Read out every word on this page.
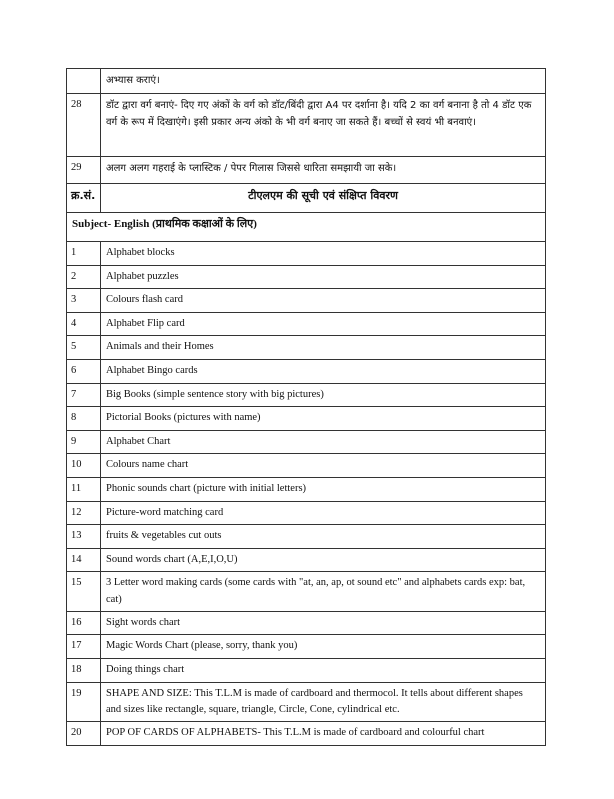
	अभ्यास कराएं।
28	डॉट द्वारा वर्ग बनाएं- दिए गए अंकों के वर्ग को डॉट/बिंदी द्वारा A4 पर दर्शाना है। यदि 2 का वर्ग बनाना है तो 4 डॉट एक वर्ग के रूप में दिखाएंगे। इसी प्रकार अन्य अंको के भी वर्ग बनाए जा सकते हैं। बच्चों से स्वयं भी बनवाएं।
29	अलग अलग गहराई के प्लास्टिक / पेपर गिलास जिससे धारिता समझायी जा सके।
क्र.सं.	टीएलएम की सूची एवं संक्षिप्त विवरण
Subject- English (प्राथमिक कक्षाओं के लिए)	
1	Alphabet blocks
2	Alphabet puzzles
3	Colours flash card
4	Alphabet Flip card
5	Animals and their Homes
6	Alphabet Bingo cards
7	Big Books (simple sentence story with big pictures)
8	Pictorial Books (pictures with name)
9	Alphabet Chart
10	Colours name chart
11	Phonic sounds chart (picture with initial letters)
12	Picture-word matching card
13	fruits & vegetables cut outs
14	Sound words chart (A,E,I,O,U)
15	3 Letter word making cards (some cards with "at, an, ap, ot sound etc" and alphabets cards exp: bat, cat)
16	Sight words chart
17	Magic Words Chart (please, sorry, thank you)
18	Doing things chart
19	SHAPE AND SIZE: This T.L.M is made of cardboard and thermocol. It tells about different shapes and sizes like rectangle, square, triangle, Circle, Cone, cylindrical etc.
20	POP OF CARDS OF ALPHABETS- This T.L.M is made of cardboard and colourful chart
